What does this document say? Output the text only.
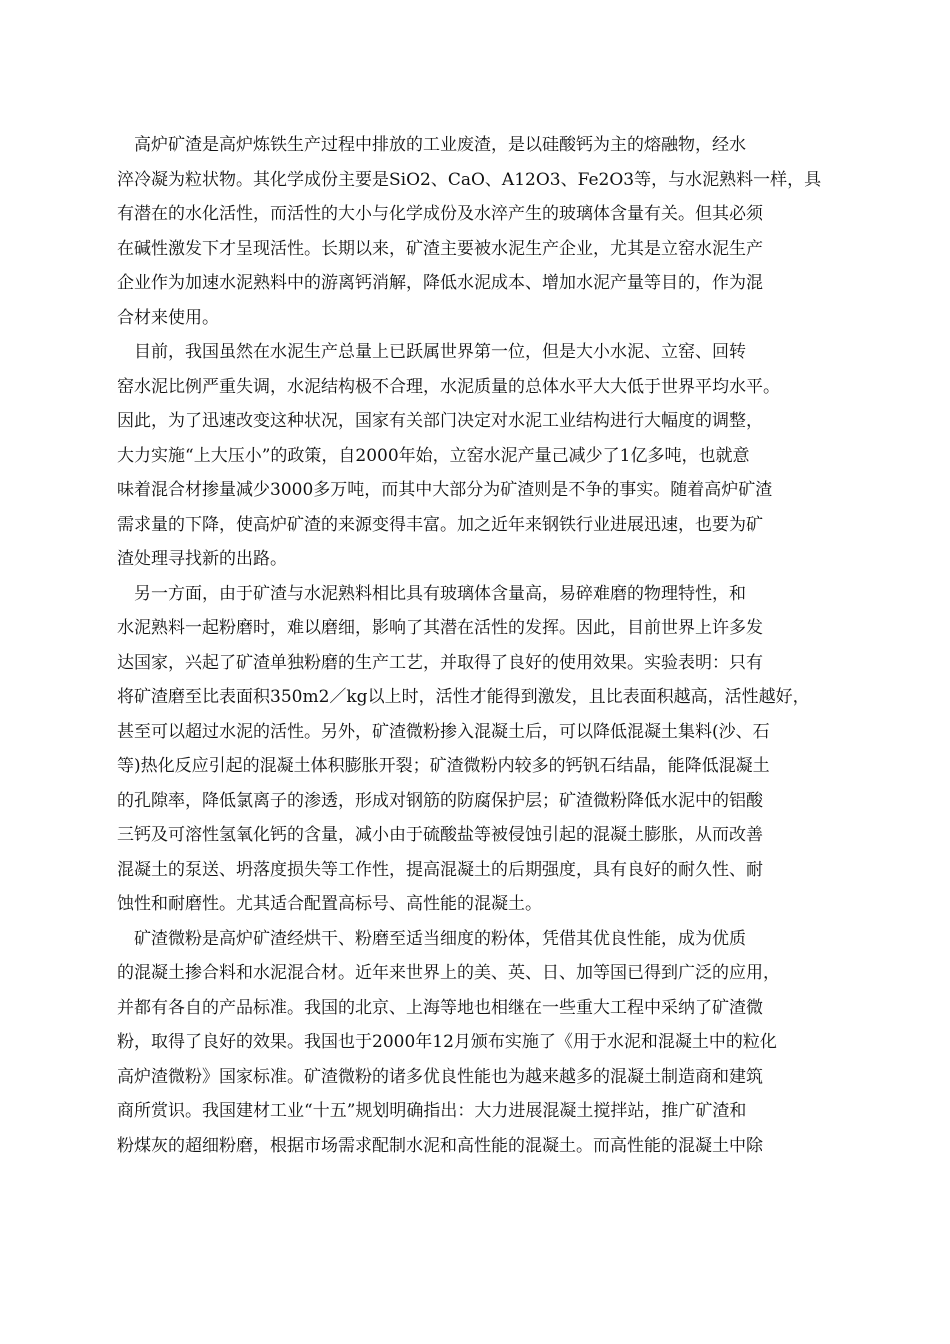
　高炉矿渣是高炉炼铁生产过程中排放的工业废渣，是以硅酸钙为主的熔融物，经水
淬冷凝为粒状物。其化学成份主要是SiO2、CaO、A12O3、Fe2O3等，与水泥熟料一样，具
有潜在的水化活性，而活性的大小与化学成份及水淬产生的玻璃体含量有关。但其必须
在碱性激发下才呈现活性。长期以来，矿渣主要被水泥生产企业，尤其是立窑水泥生产
企业作为加速水泥熟料中的游离钙消解，降低水泥成本、增加水泥产量等目的，作为混
合材来使用。
　目前，我国虽然在水泥生产总量上已跃属世界第一位，但是大小水泥、立窑、回转
窑水泥比例严重失调，水泥结构极不合理，水泥质量的总体水平大大低于世界平均水平。
因此，为了迅速改变这种状况，国家有关部门决定对水泥工业结构进行大幅度的调整，
大力实施“上大压小”的政策，自2000年始，立窑水泥产量己减少了1亿多吨，也就意
味着混合材掺量减少3000多万吨，而其中大部分为矿渣则是不争的事实。随着高炉矿渣
需求量的下降，使高炉矿渣的来源变得丰富。加之近年来钢铁行业进展迅速，也要为矿
渣处理寻找新的出路。
　另一方面，由于矿渣与水泥熟料相比具有玻璃体含量高，易碎难磨的物理特性，和
水泥熟料一起粉磨时，难以磨细，影响了其潜在活性的发挥。因此，目前世界上许多发
达国家，兴起了矿渣单独粉磨的生产工艺，并取得了良好的使用效果。实验表明：只有
将矿渣磨至比表面积350m2／kg以上时，活性才能得到激发，且比表面积越高，活性越好，
甚至可以超过水泥的活性。另外，矿渣微粉掺入混凝土后，可以降低混凝土集料(沙、石
等)热化反应引起的混凝土体积膨胀开裂；矿渣微粉内较多的钙钒石结晶，能降低混凝土
的孔隙率，降低氯离子的渗透，形成对钢筋的防腐保护层；矿渣微粉降低水泥中的铝酸
三钙及可溶性氢氧化钙的含量，减小由于硫酸盐等被侵蚀引起的混凝土膨胀，从而改善
混凝土的泵送、坍落度损失等工作性，提高混凝土的后期强度，具有良好的耐久性、耐
蚀性和耐磨性。尤其适合配置高标号、高性能的混凝土。
　矿渣微粉是高炉矿渣经烘干、粉磨至适当细度的粉体，凭借其优良性能，成为优质
的混凝土掺合料和水泥混合材。近年来世界上的美、英、日、加等国已得到广泛的应用，
并都有各自的产品标准。我国的北京、上海等地也相继在一些重大工程中采纳了矿渣微
粉，取得了良好的效果。我国也于2000年12月颁布实施了《用于水泥和混凝土中的粒化
高炉渣微粉》国家标准。矿渣微粉的诸多优良性能也为越来越多的混凝土制造商和建筑
商所赏识。我国建材工业“十五”规划明确指出：大力进展混凝土搅拌站，推广矿渣和
粉煤灰的超细粉磨，根据市场需求配制水泥和高性能的混凝土。而高性能的混凝土中除
